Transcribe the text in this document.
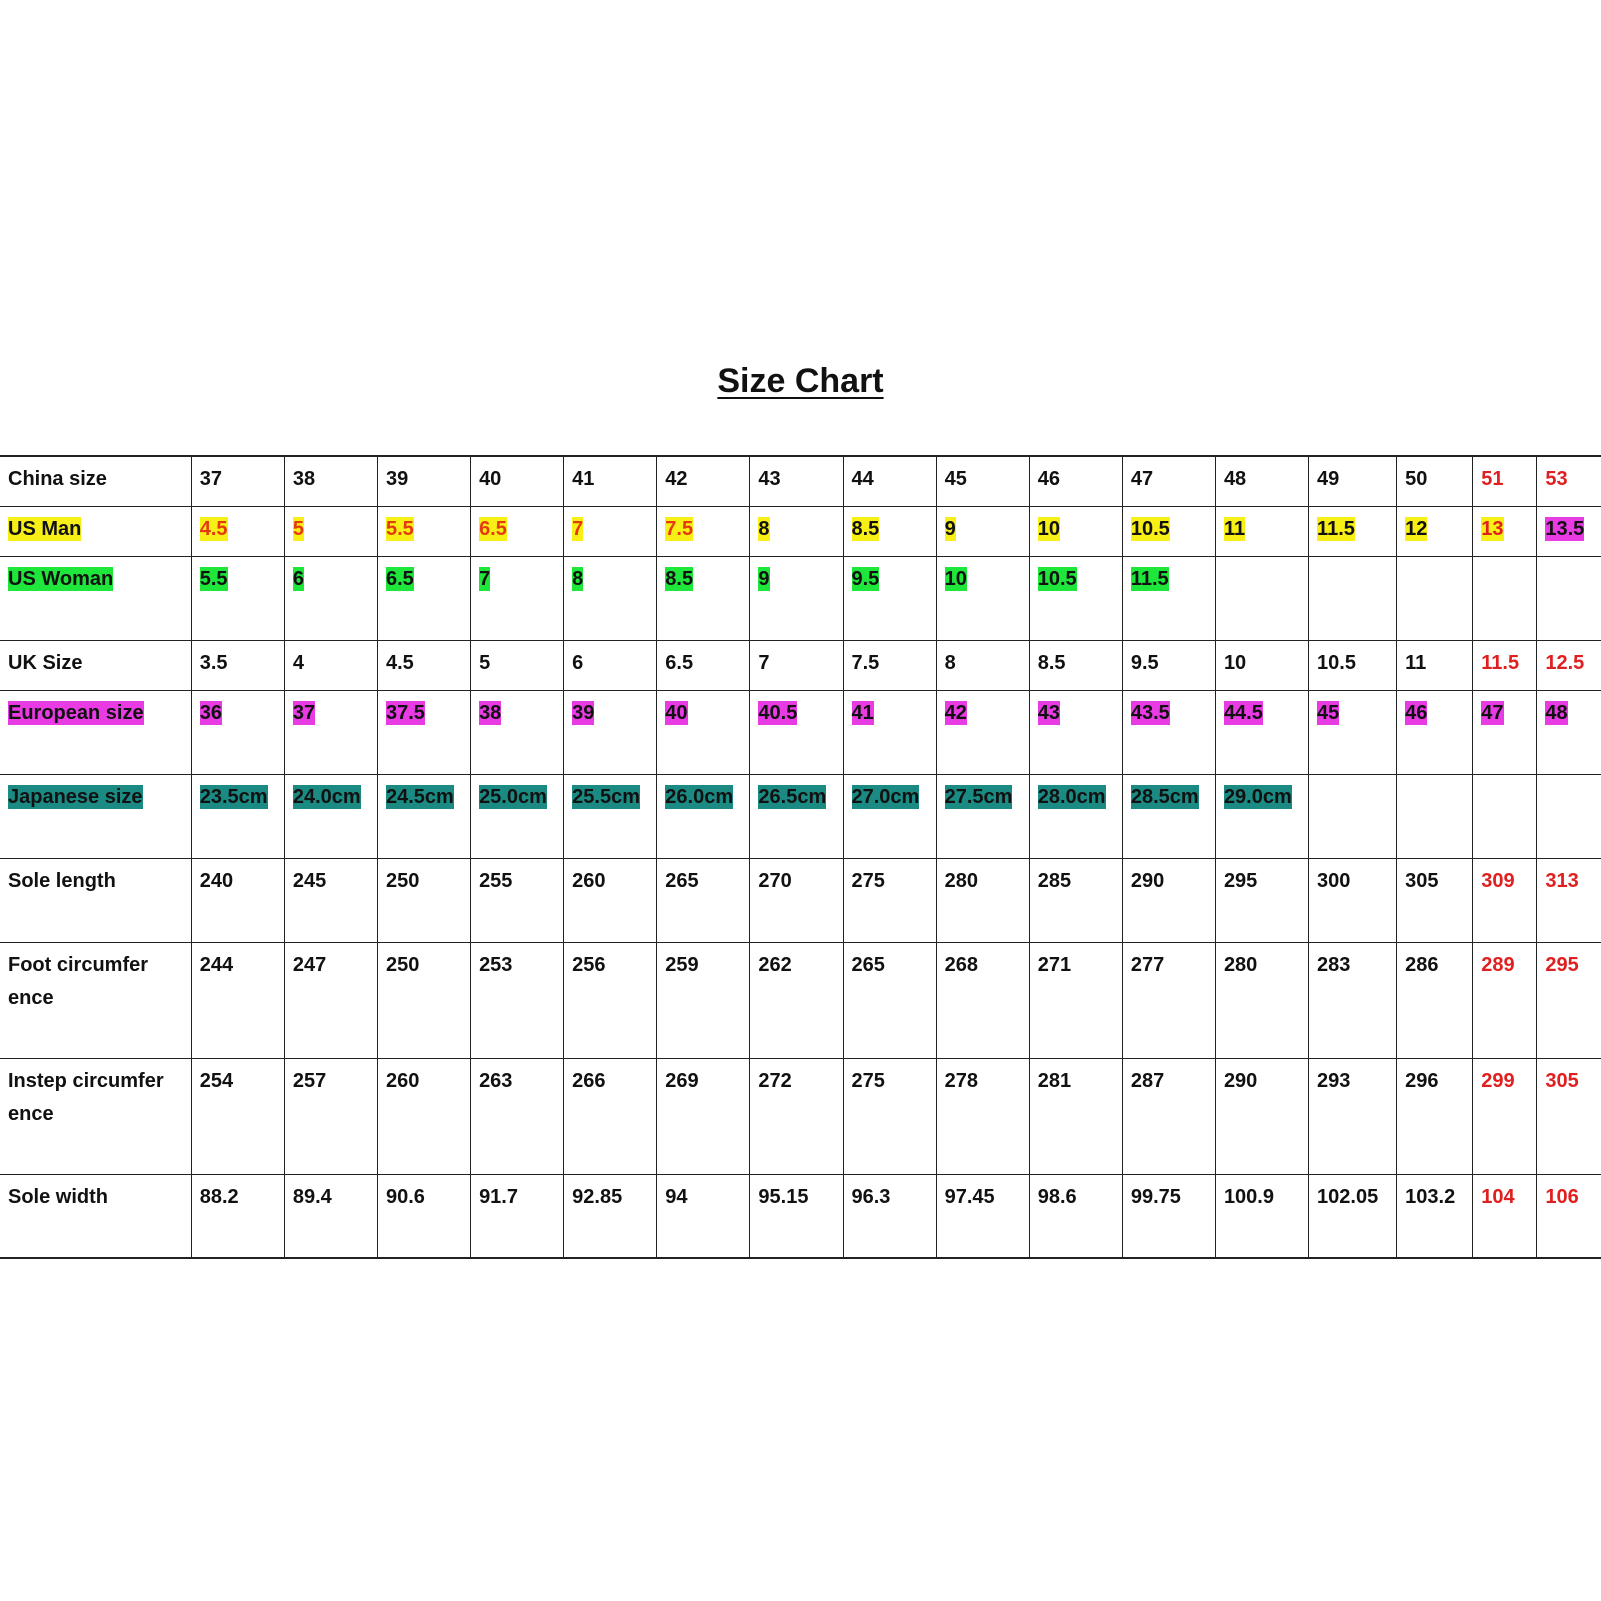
Size Chart
China size	37	38	39	40	41	42	43	44	45	46	47	48	49	50	51	53
US Man	4.5	5	5.5	6.5	7	7.5	8	8.5	9	10	10.5	11	11.5	12	13	13.5
US Woman	5.5	6	6.5	7	8	8.5	9	9.5	10	10.5	11.5					
UK Size	3.5	4	4.5	5	6	6.5	7	7.5	8	8.5	9.5	10	10.5	11	11.5	12.5
European size	36	37	37.5	38	39	40	40.5	41	42	43	43.5	44.5	45	46	47	48
Japanese size	23.5cm	24.0cm	24.5cm	25.0cm	25.5cm	26.0cm	26.5cm	27.0cm	27.5cm	28.0cm	28.5cm	29.0cm				
Sole length	240	245	250	255	260	265	270	275	280	285	290	295	300	305	309	313
Foot circumfer ence	244	247	250	253	256	259	262	265	268	271	277	280	283	286	289	295
Instep circumfer ence	254	257	260	263	266	269	272	275	278	281	287	290	293	296	299	305
Sole width	88.2	89.4	90.6	91.7	92.85	94	95.15	96.3	97.45	98.6	99.75	100.9	102.05	103.2	104	106
